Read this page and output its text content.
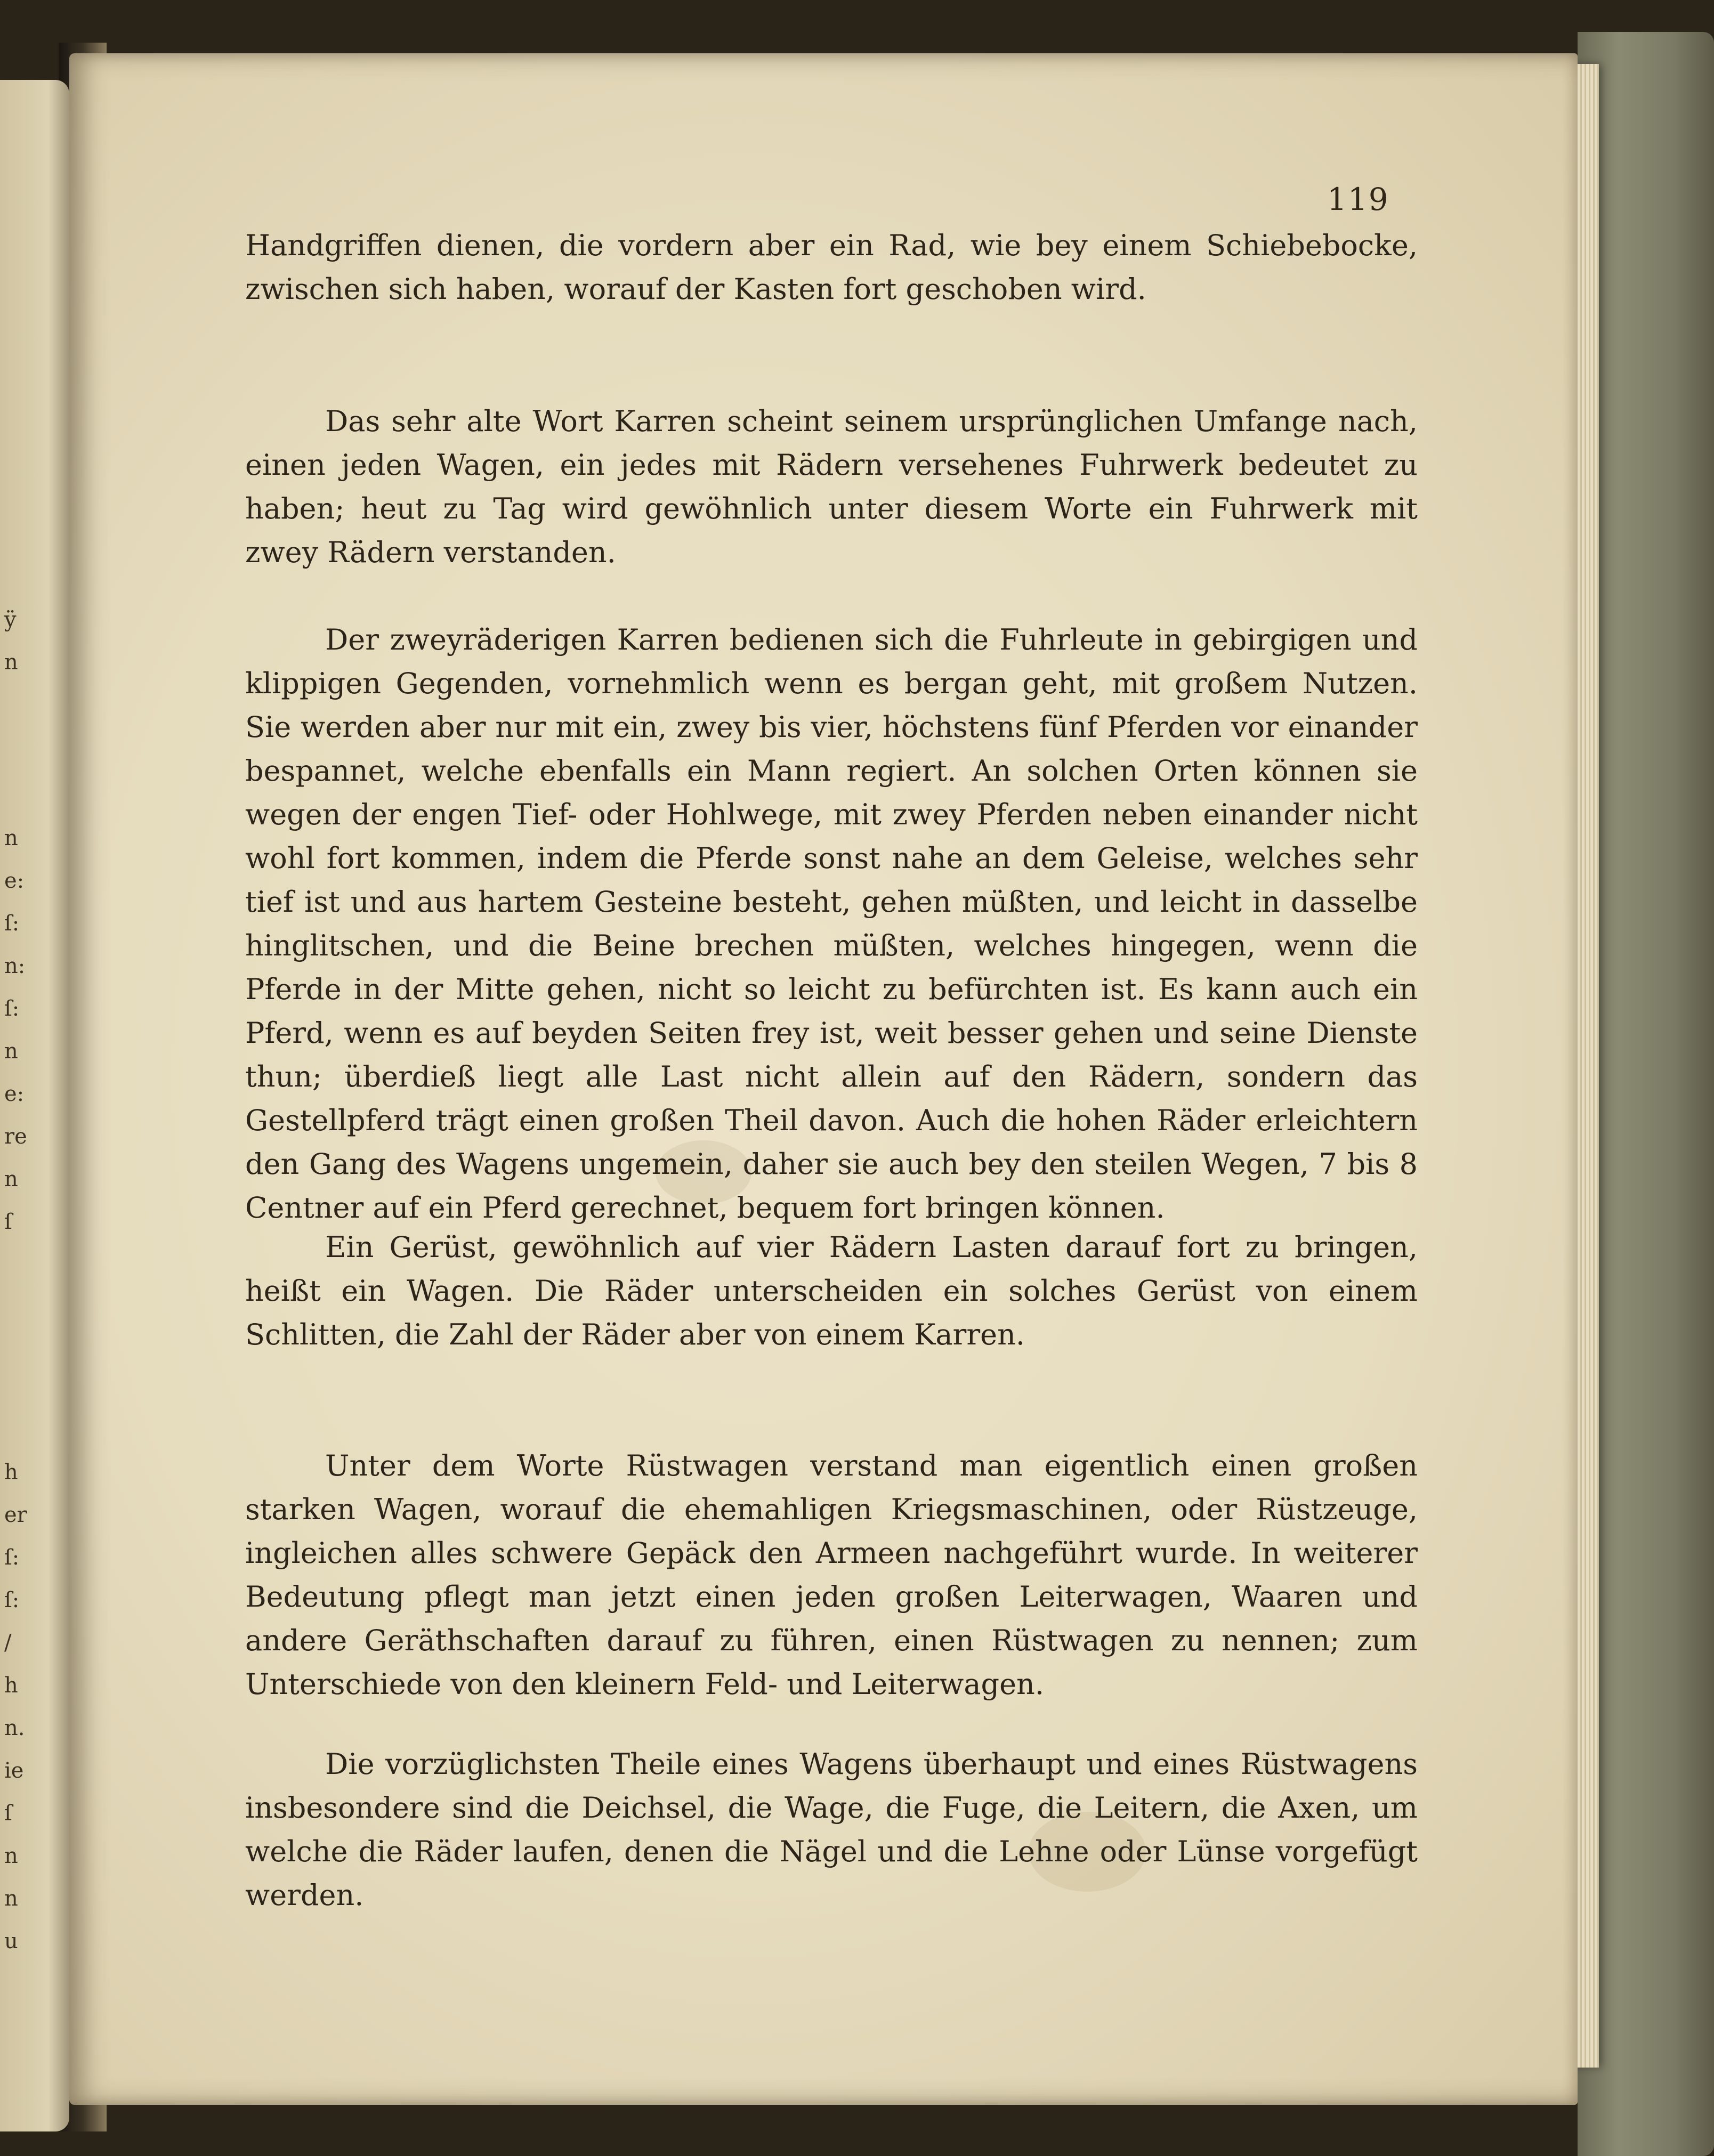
ÿ
n
n
e:
ſ:
n:
ſ:
n
e:
re
n
ſ
h
er
ſ:
ſ:
/
h
n.
ie
ſ
n
n
u
119
Handgriffen dienen, die vordern aber ein Rad, wie bey einem Schiebebocke, zwischen sich haben, worauf der Kasten fort geschoben wird.
Das sehr alte Wort Karren scheint seinem ursprünglichen Umfange nach, einen jeden Wagen, ein jedes mit Rädern versehenes Fuhrwerk bedeutet zu haben; heut zu Tag wird gewöhnlich unter diesem Worte ein Fuhrwerk mit zwey Rädern verstanden.
Der zweyräderigen Karren bedienen sich die Fuhrleute in gebirgigen und klippigen Gegenden, vornehmlich wenn es bergan geht, mit großem Nutzen. Sie werden aber nur mit ein, zwey bis vier, höchstens fünf Pferden vor einander bespannet, welche ebenfalls ein Mann regiert. An solchen Orten können sie wegen der engen Tief- oder Hohlwege, mit zwey Pferden neben einander nicht wohl fort kommen, indem die Pferde sonst nahe an dem Geleise, welches sehr tief ist und aus hartem Gesteine besteht, gehen müßten, und leicht in dasselbe hinglitschen, und die Beine brechen müßten, welches hingegen, wenn die Pferde in der Mitte gehen, nicht so leicht zu befürchten ist. Es kann auch ein Pferd, wenn es auf beyden Seiten frey ist, weit besser gehen und seine Dienste thun; überdieß liegt alle Last nicht allein auf den Rädern, sondern das Gestellpferd trägt einen großen Theil davon. Auch die hohen Räder erleichtern den Gang des Wagens ungemein, daher sie auch bey den steilen Wegen, 7 bis 8 Centner auf ein Pferd gerechnet, bequem fort bringen können.
Ein Gerüst, gewöhnlich auf vier Rädern Lasten darauf fort zu bringen, heißt ein Wagen. Die Räder unterscheiden ein solches Gerüst von einem Schlitten, die Zahl der Räder aber von einem Karren.
Unter dem Worte Rüstwagen verstand man eigentlich einen großen starken Wagen, worauf die ehemahligen Kriegsmaschinen, oder Rüstzeuge, ingleichen alles schwere Gepäck den Armeen nachgeführt wurde. In weiterer Bedeutung pflegt man jetzt einen jeden großen Leiterwagen, Waaren und andere Geräthschaften darauf zu führen, einen Rüstwagen zu nennen; zum Unterschiede von den kleinern Feld- und Leiterwagen.
Die vorzüglichsten Theile eines Wagens überhaupt und eines Rüstwagens insbesondere sind die Deichsel, die Wage, die Fuge, die Leitern, die Axen, um welche die Räder laufen, denen die Nägel und die Lehne oder Lünse vorgefügt werden.
